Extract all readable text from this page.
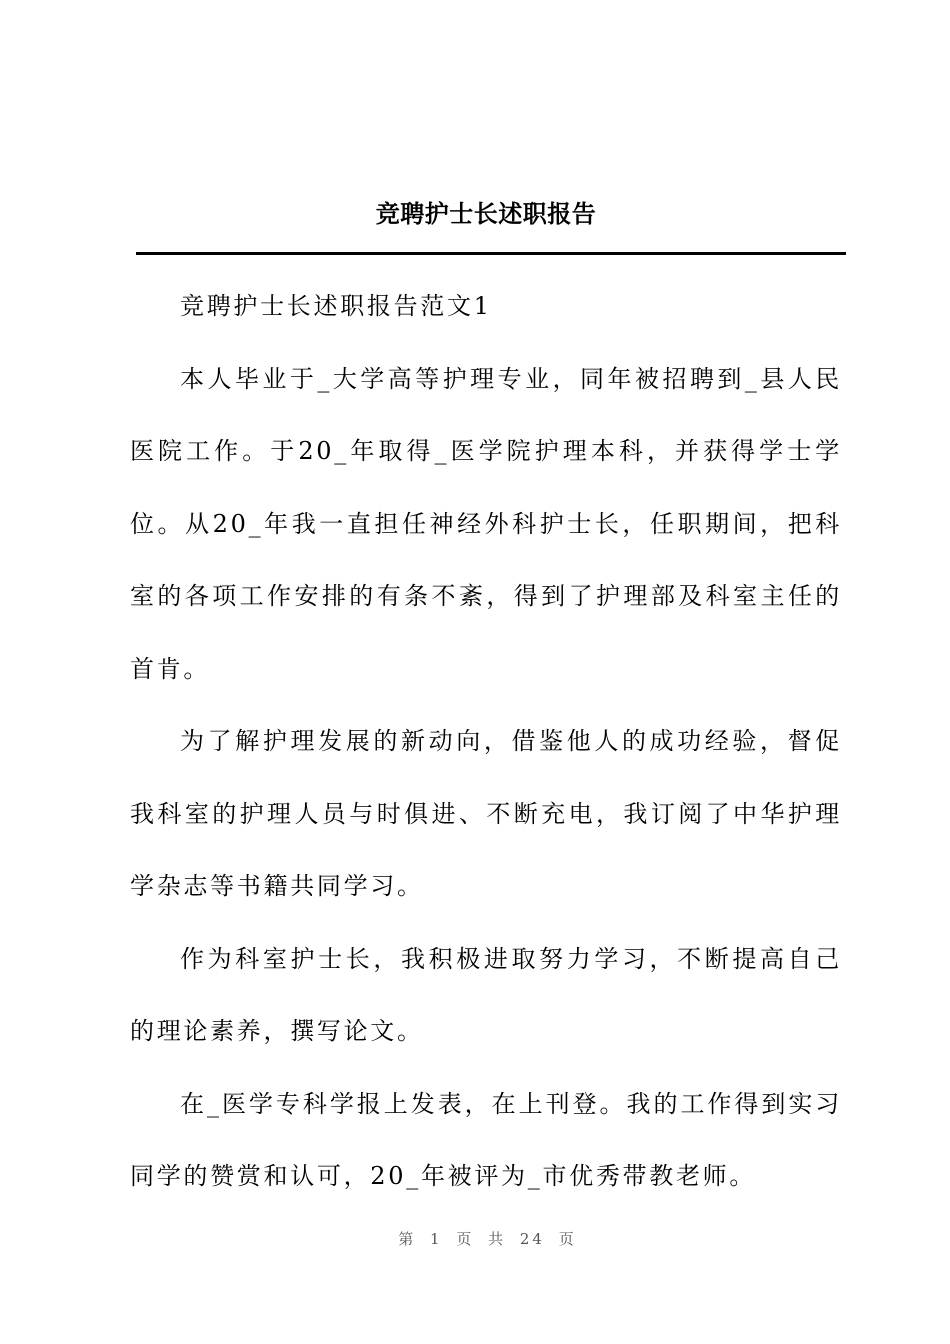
竞聘护士长述职报告

竞聘护士长述职报告范文1

本人毕业于_大学高等护理专业，同年被招聘到_县人民医院工作。于20_年取得_医学院护理本科，并获得学士学位。从20_年我一直担任神经外科护士长，任职期间，把科室的各项工作安排的有条不紊，得到了护理部及科室主任的首肯。

为了解护理发展的新动向，借鉴他人的成功经验，督促我科室的护理人员与时俱进、不断充电，我订阅了中华护理学杂志等书籍共同学习。

作为科室护士长，我积极进取努力学习，不断提高自己的理论素养，撰写论文。

在_医学专科学报上发表，在上刊登。我的工作得到实习同学的赞赏和认可，20_年被评为_市优秀带教老师。

第 1 页 共 24 页
